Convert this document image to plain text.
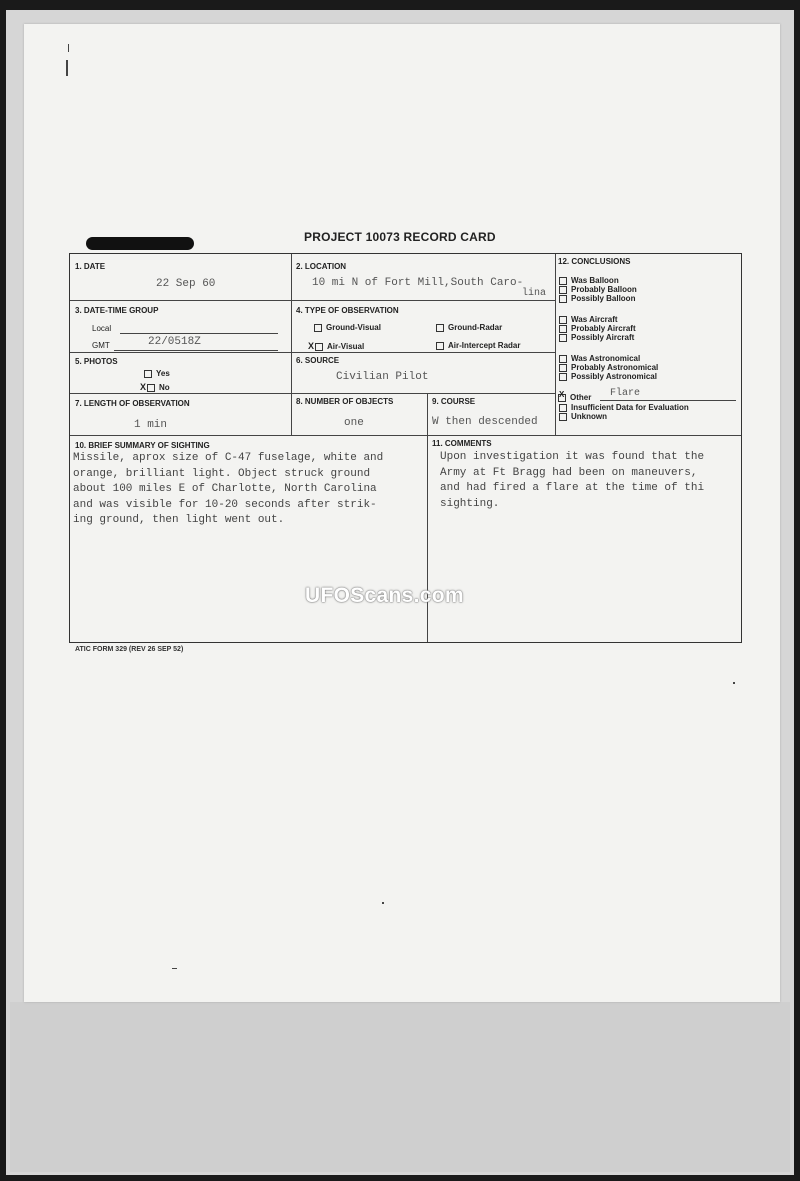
PROJECT 10073 RECORD CARD
1. DATE
22 Sep 60
2. LOCATION
10 mi N of Fort Mill,South Caro-
lina
3. DATE-TIME GROUP
Local
GMT	22/0518Z
4. TYPE OF OBSERVATION
Ground-Visual	Ground-Radar
X Air-Visual	Air-Intercept Radar
5. PHOTOS
Yes
X No
6. SOURCE
Civilian Pilot
7. LENGTH OF OBSERVATION
1 min
8. NUMBER OF OBJECTS
one
9. COURSE
W then descended
12. CONCLUSIONS
Was Balloon
Probably Balloon
Possibly Balloon
Was Aircraft
Probably Aircraft
Possibly Aircraft
Was Astronomical
Probably Astronomical
Possibly Astronomical
X Other Flare
Insufficient Data for Evaluation
Unknown
10. BRIEF SUMMARY OF SIGHTING
Missile, aprox size of C-47 fuselage, white and
orange, brilliant light. Object struck ground
about 100 miles E of Charlotte, North Carolina
and was visible for 10-20 seconds after strik-
ing ground, then light went out.
11. COMMENTS
Upon investigation it was found that the
Army at Ft Bragg had been on maneuvers,
and had fired a flare at the time of thi
sighting.
ATIC FORM 329 (REV 26 SEP 52)
UFOScans.com
